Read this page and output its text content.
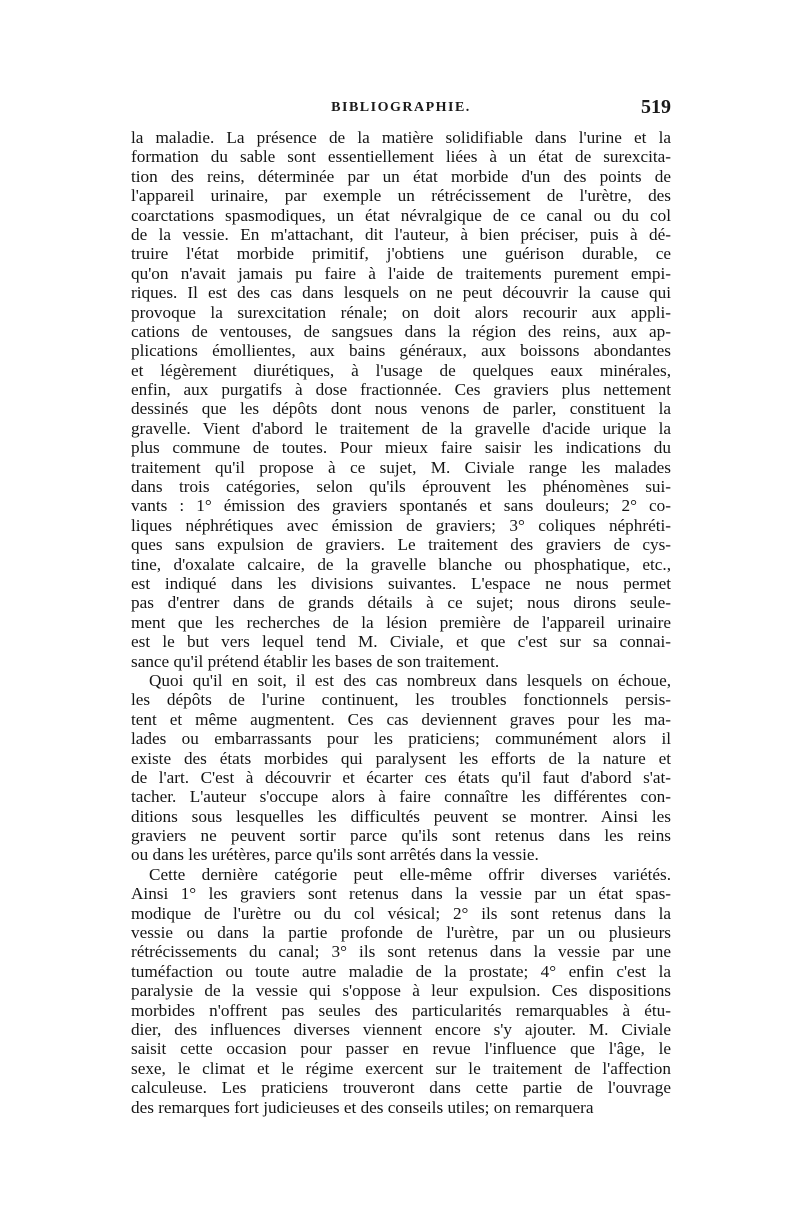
BIBLIOGRAPHIE.	519
la maladie. La présence de la matière solidifiable dans l'urine et la
formation du sable sont essentiellement liées à un état de surexcita-
tion des reins, déterminée par un état morbide d'un des points de
l'appareil urinaire, par exemple un rétrécissement de l'urètre, des
coarctations spasmodiques, un état névralgique de ce canal ou du col
de la vessie. En m'attachant, dit l'auteur, à bien préciser, puis à dé-
truire l'état morbide primitif, j'obtiens une guérison durable, ce
qu'on n'avait jamais pu faire à l'aide de traitements purement empi-
riques. Il est des cas dans lesquels on ne peut découvrir la cause qui
provoque la surexcitation rénale; on doit alors recourir aux appli-
cations de ventouses, de sangsues dans la région des reins, aux ap-
plications émollientes, aux bains généraux, aux boissons abondantes
et légèrement diurétiques, à l'usage de quelques eaux minérales,
enfin, aux purgatifs à dose fractionnée. Ces graviers plus nettement
dessinés que les dépôts dont nous venons de parler, constituent la
gravelle. Vient d'abord le traitement de la gravelle d'acide urique la
plus commune de toutes. Pour mieux faire saisir les indications du
traitement qu'il propose à ce sujet, M. Civiale range les malades
dans trois catégories, selon qu'ils éprouvent les phénomènes sui-
vants : 1° émission des graviers spontanés et sans douleurs; 2° co-
liques néphrétiques avec émission de graviers; 3° coliques néphréti-
ques sans expulsion de graviers. Le traitement des graviers de cys-
tine, d'oxalate calcaire, de la gravelle blanche ou phosphatique, etc.,
est indiqué dans les divisions suivantes. L'espace ne nous permet
pas d'entrer dans de grands détails à ce sujet; nous dirons seule-
ment que les recherches de la lésion première de l'appareil urinaire
est le but vers lequel tend M. Civiale, et que c'est sur sa connai-
sance qu'il prétend établir les bases de son traitement.
Quoi qu'il en soit, il est des cas nombreux dans lesquels on échoue,
les dépôts de l'urine continuent, les troubles fonctionnels persis-
tent et même augmentent. Ces cas deviennent graves pour les ma-
lades ou embarrassants pour les praticiens; communément alors il
existe des états morbides qui paralysent les efforts de la nature et
de l'art. C'est à découvrir et écarter ces états qu'il faut d'abord s'at-
tacher. L'auteur s'occupe alors à faire connaître les différentes con-
ditions sous lesquelles les difficultés peuvent se montrer. Ainsi les
graviers ne peuvent sortir parce qu'ils sont retenus dans les reins
ou dans les urétères, parce qu'ils sont arrêtés dans la vessie.
Cette dernière catégorie peut elle-même offrir diverses variétés.
Ainsi 1° les graviers sont retenus dans la vessie par un état spas-
modique de l'urètre ou du col vésical; 2° ils sont retenus dans la
vessie ou dans la partie profonde de l'urètre, par un ou plusieurs
rétrécissements du canal; 3° ils sont retenus dans la vessie par une
tuméfaction ou toute autre maladie de la prostate; 4° enfin c'est la
paralysie de la vessie qui s'oppose à leur expulsion. Ces dispositions
morbides n'offrent pas seules des particularités remarquables à étu-
dier, des influences diverses viennent encore s'y ajouter. M. Civiale
saisit cette occasion pour passer en revue l'influence que l'âge, le
sexe, le climat et le régime exercent sur le traitement de l'affection
calculeuse. Les praticiens trouveront dans cette partie de l'ouvrage
des remarques fort judicieuses et des conseils utiles; on remarquera
